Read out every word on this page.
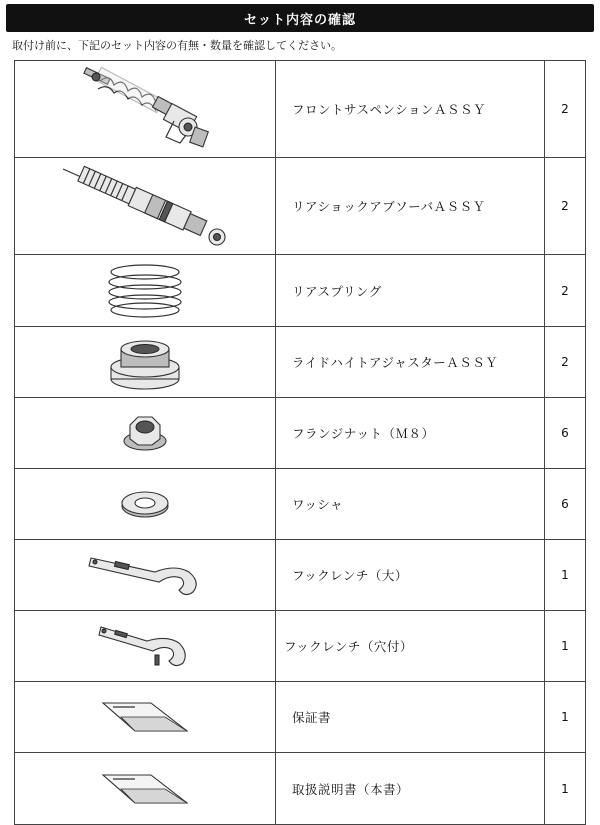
セット内容の確認
取付け前に、下記のセット内容の有無・数量を確認してください。
	フロントサスペンションＡＳＳＹ	2

	リアショックアブソーバＡＳＳＹ	2

	リアスプリング	2

	ライドハイトアジャスターＡＳＳＹ	2

	フランジナット（Ｍ８）	6

	ワッシャ	6

	フックレンチ（大）	1

	フックレンチ（穴付）	1

	保証書	1

	取扱説明書（本書）	1
